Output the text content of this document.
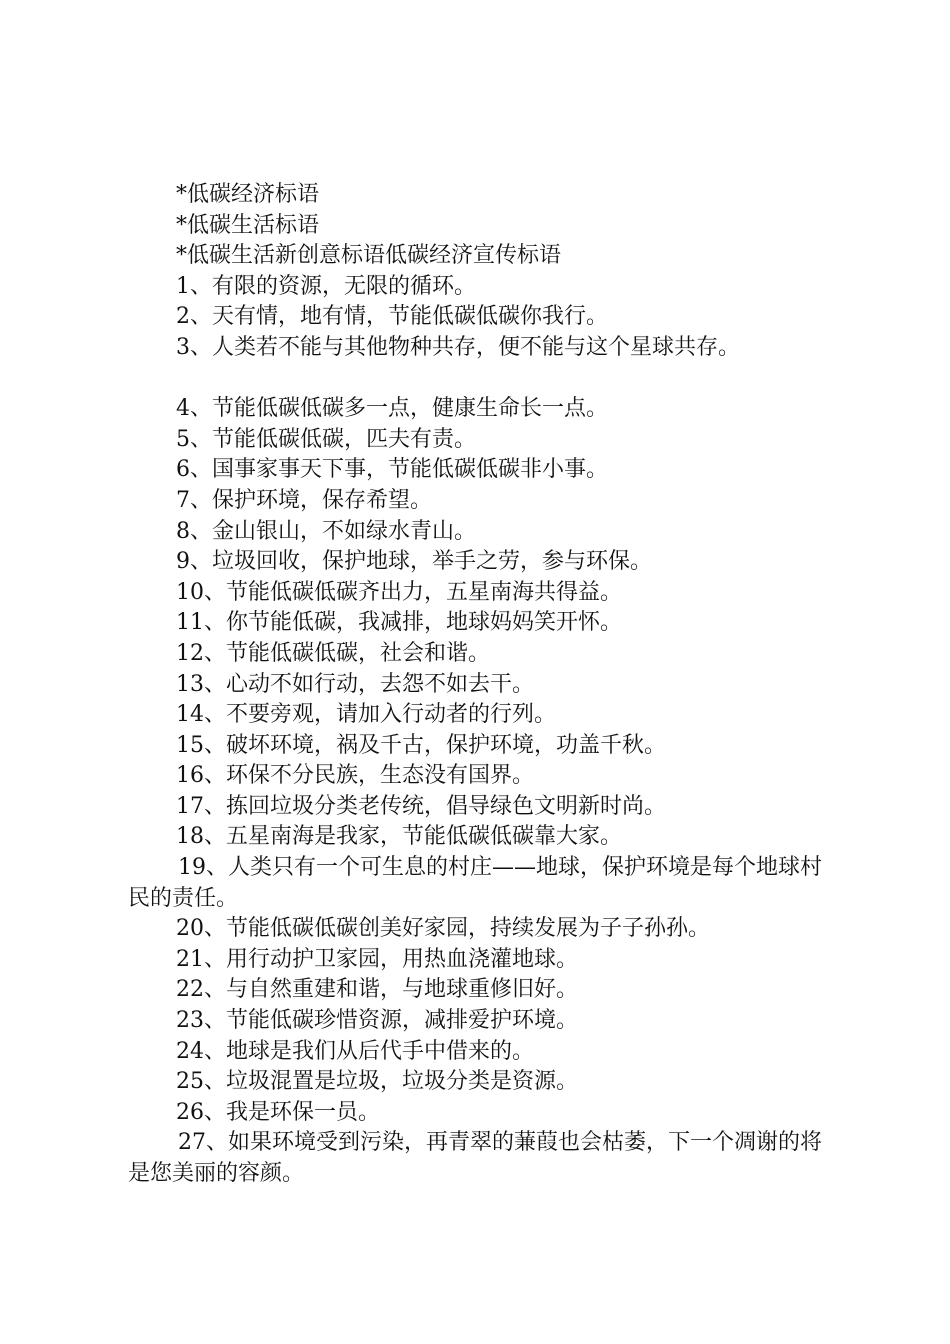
*低碳经济标语
*低碳生活标语
*低碳生活新创意标语低碳经济宣传标语
1、有限的资源，无限的循环。
2、天有情，地有情，节能低碳低碳你我行。
3、人类若不能与其他物种共存，便不能与这个星球共存。
4、节能低碳低碳多一点，健康生命长一点。
5、节能低碳低碳，匹夫有责。
6、国事家事天下事，节能低碳低碳非小事。
7、保护环境，保存希望。
8、金山银山，不如绿水青山。
9、垃圾回收，保护地球，举手之劳，参与环保。
10、节能低碳低碳齐出力，五星南海共得益。
11、你节能低碳，我减排，地球妈妈笑开怀。
12、节能低碳低碳，社会和谐。
13、心动不如行动，去怨不如去干。
14、不要旁观，请加入行动者的行列。
15、破坏环境，祸及千古，保护环境，功盖千秋。
16、环保不分民族，生态没有国界。
17、拣回垃圾分类老传统，倡导绿色文明新时尚。
18、五星南海是我家，节能低碳低碳靠大家。
19、人类只有一个可生息的村庄——地球，保护环境是每个地球村民的责任。
20、节能低碳低碳创美好家园，持续发展为子子孙孙。
21、用行动护卫家园，用热血浇灌地球。
22、与自然重建和谐，与地球重修旧好。
23、节能低碳珍惜资源，减排爱护环境。
24、地球是我们从后代手中借来的。
25、垃圾混置是垃圾，垃圾分类是资源。
26、我是环保一员。
27、如果环境受到污染，再青翠的蒹葭也会枯萎，下一个凋谢的将是您美丽的容颜。
